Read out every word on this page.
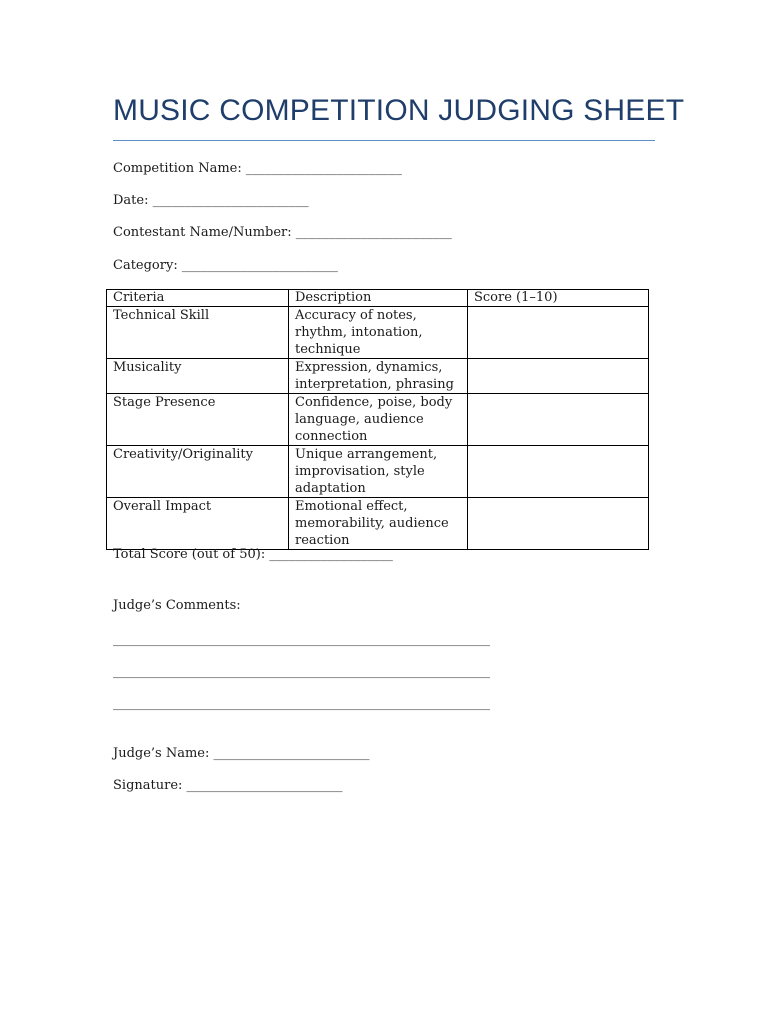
MUSIC COMPETITION JUDGING SHEET
Competition Name: ________________________
Date: ________________________
Contestant Name/Number: ________________________
Category: ________________________
Criteria	Description	Score (1–10)
Technical Skill	Accuracy of notes, rhythm, intonation, technique	
Musicality	Expression, dynamics, interpretation, phrasing	
Stage Presence	Confidence, poise, body language, audience connection	
Creativity/Originality	Unique arrangement, improvisation, style adaptation	
Overall Impact	Emotional effect, memorability, audience reaction	
Total Score (out of 50): ___________________
Judge’s Comments:
__________________________________________________________
__________________________________________________________
__________________________________________________________
Judge’s Name: ________________________
Signature: ________________________
